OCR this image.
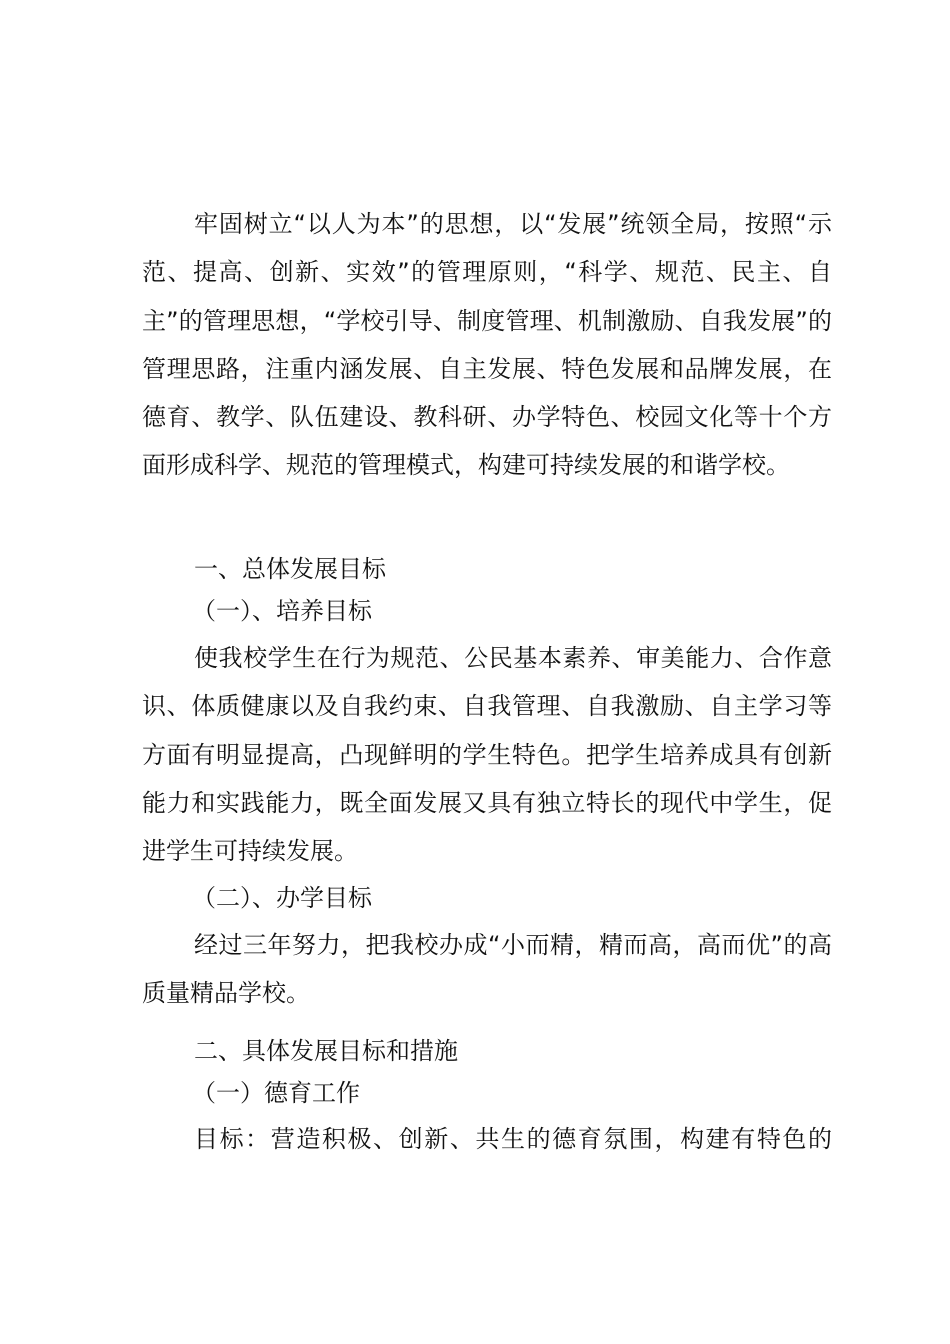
牢固树立“以人为本”的思想，以“发展”统领全局，按照“示范、提高、创新、实效”的管理原则，“科学、规范、民主、自主”的管理思想，“学校引导、制度管理、机制激励、自我发展”的管理思路，注重内涵发展、自主发展、特色发展和品牌发展，在德育、教学、队伍建设、教科研、办学特色、校园文化等十个方面形成科学、规范的管理模式，构建可持续发展的和谐学校。

一、总体发展目标

（一）、培养目标

使我校学生在行为规范、公民基本素养、审美能力、合作意识、体质健康以及自我约束、自我管理、自我激励、自主学习等方面有明显提高，凸现鲜明的学生特色。把学生培养成具有创新能力和实践能力，既全面发展又具有独立特长的现代中学生，促进学生可持续发展。

（二）、办学目标

经过三年努力，把我校办成“小而精，精而高，高而优”的高质量精品学校。

二、具体发展目标和措施

（一）德育工作

目标：营造积极、创新、共生的德育氛围，构建有特色的
